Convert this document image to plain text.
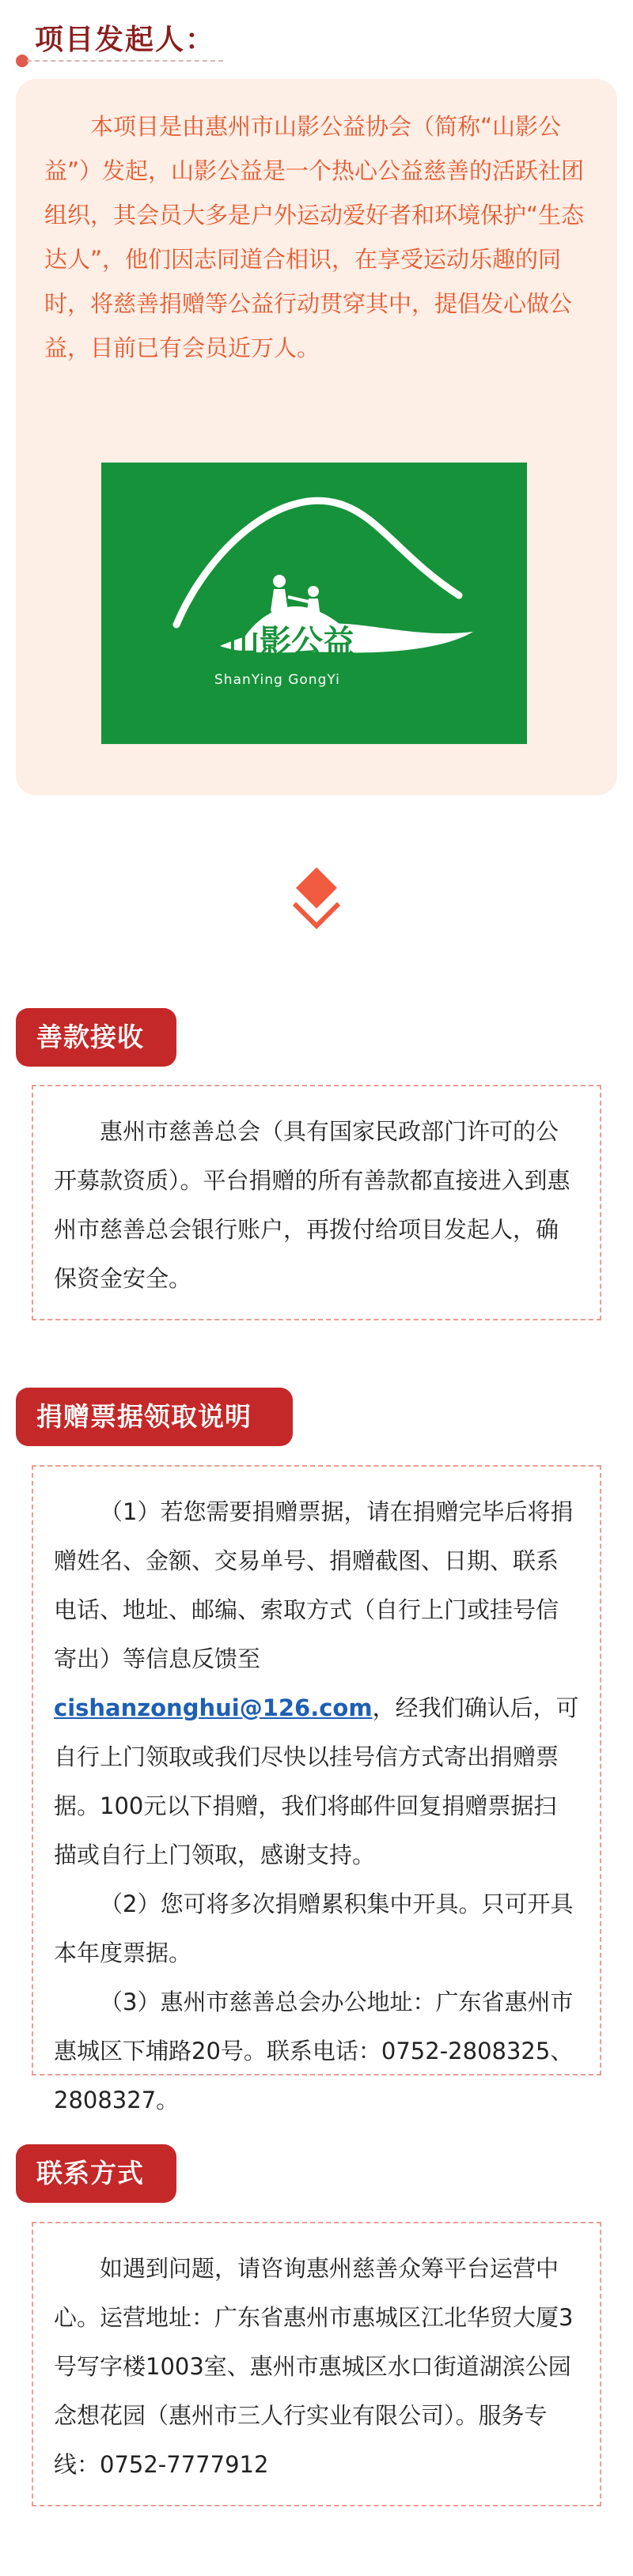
项目发起人：

本项目是由惠州市山影公益协会（简称“山影公益”）发起，山影公益是一个热心公益慈善的活跃社团组织，其会员大多是户外运动爱好者和环境保护“生态达人”，他们因志同道合相识，在享受运动乐趣的同时，将慈善捐赠等公益行动贯穿其中，提倡发心做公益，目前已有会员近万人。

山影公益
ShanYing GongYi
善款接收

惠州市慈善总会（具有国家民政部门许可的公开募款资质）。平台捐赠的所有善款都直接进入到惠州市慈善总会银行账户，再拨付给项目发起人，确保资金安全。

捐赠票据领取说明

（1）若您需要捐赠票据，请在捐赠完毕后将捐赠姓名、金额、交易单号、捐赠截图、日期、联系电话、地址、邮编、索取方式（自行上门或挂号信寄出）等信息反馈至
cishanzonghui@126.com，经我们确认后，可自行上门领取或我们尽快以挂号信方式寄出捐赠票据。100元以下捐赠，我们将邮件回复捐赠票据扫描或自行上门领取，感谢支持。

（2）您可将多次捐赠累积集中开具。只可开具本年度票据。

（3）惠州市慈善总会办公地址：广东省惠州市惠城区下埔路20号。联系电话：0752-2808325、2808327。

联系方式

如遇到问题，请咨询惠州慈善众筹平台运营中心。运营地址：广东省惠州市惠城区江北华贸大厦3号写字楼1003室、惠州市惠城区水口街道湖滨公园念想花园（惠州市三人行实业有限公司）。服务专线：0752-7777912
